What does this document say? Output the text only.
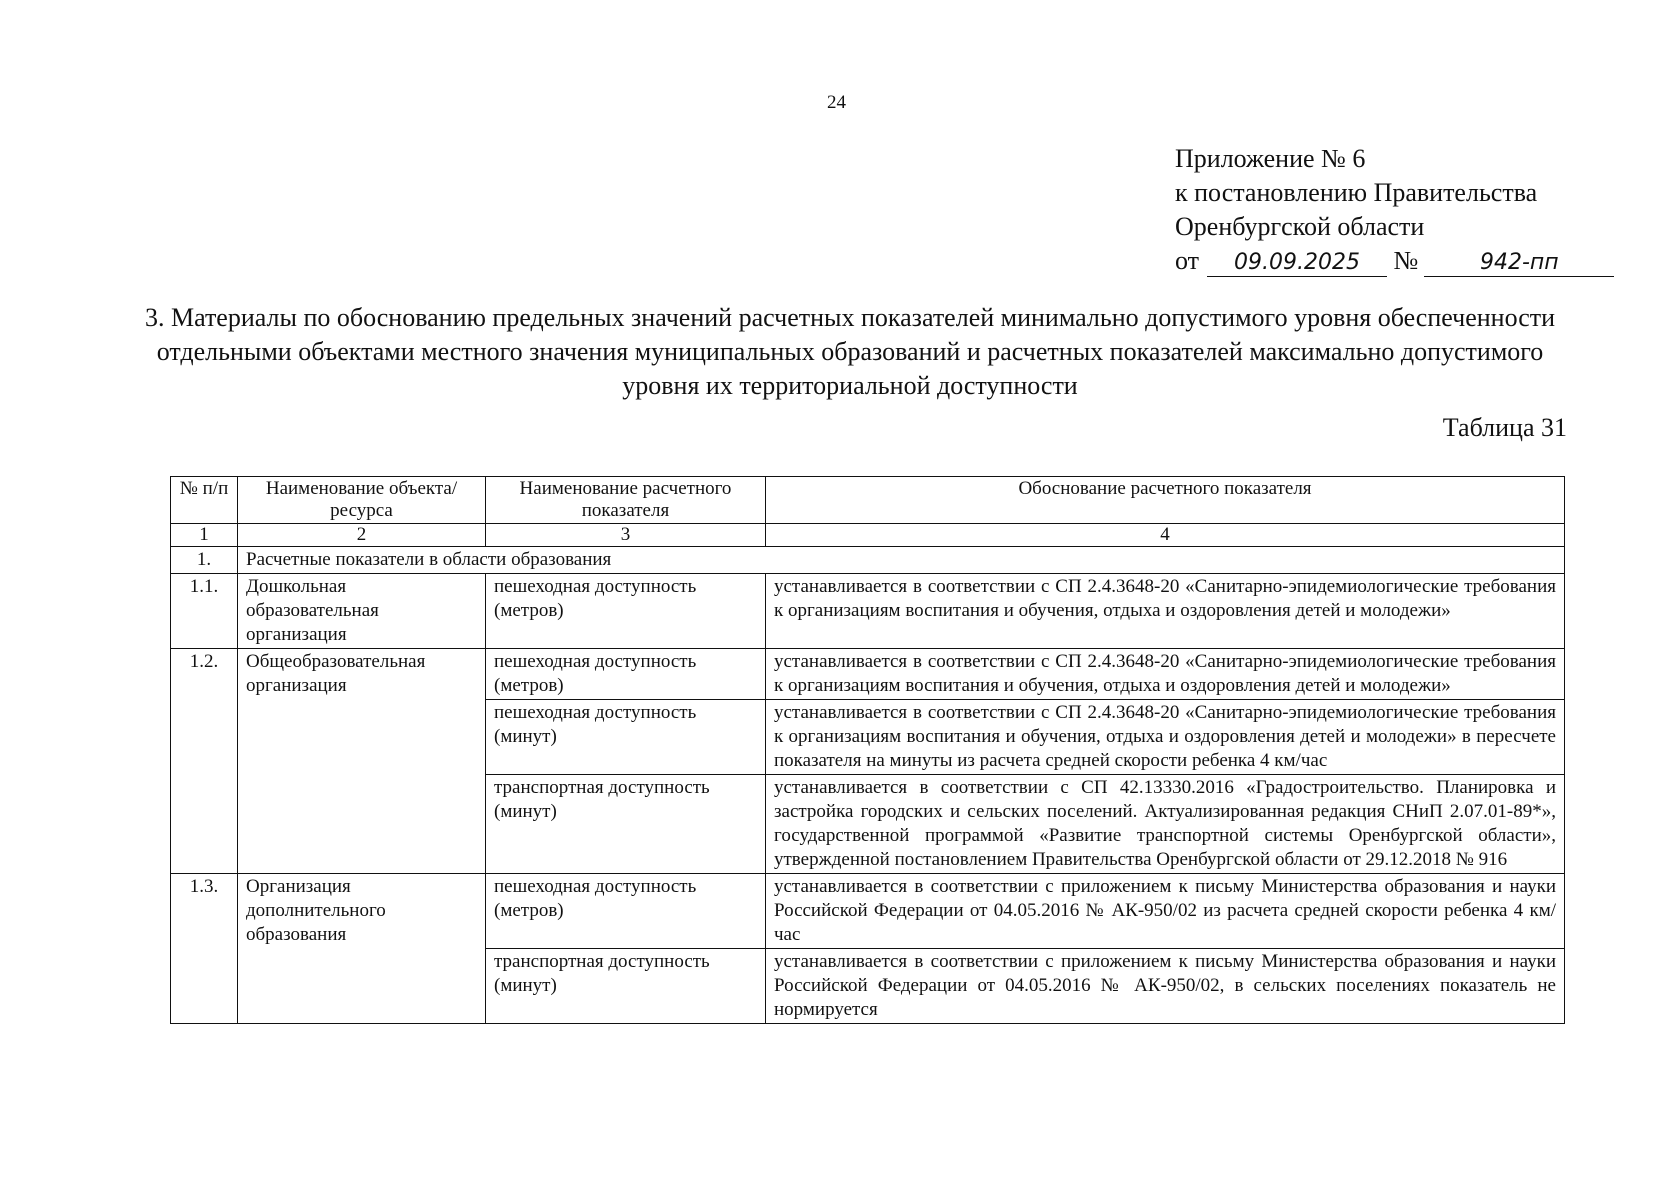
24
Приложение № 6
к постановлению Правительства
Оренбургской области
от 09.09.2025 №	942-пп
3. Материалы по обоснованию предельных значений расчетных показателей минимально допустимого уровня обеспеченности отдельными объектами местного значения муниципальных образований и расчетных показателей максимально допустимого уровня их территориальной доступности
Таблица 31
№ п/п	Наименование объекта/ресурса	Наименование расчетного показателя	Обоснование расчетного показателя
1	2	3	4
1.	Расчетные показатели в области образования		
1.1.	Дошкольная образовательная организация	пешеходная доступность (метров)	устанавливается в соответствии с СП 2.4.3648-20 «Санитарно-эпидемиологические требования к организациям воспитания и обучения, отдыха и оздоровления детей и молодежи»
1.2.	Общеобразовательная организация	пешеходная доступность (метров)	устанавливается в соответствии с СП 2.4.3648-20 «Санитарно-эпидемиологические требования к организациям воспитания и обучения, отдыха и оздоровления детей и молодежи»
		пешеходная доступность (минут)	устанавливается в соответствии с СП 2.4.3648-20 «Санитарно-эпидемиологические требования к организациям воспитания и обучения, отдыха и оздоровления детей и молодежи» в пересчете показателя на минуты из расчета средней скорости ребенка 4 км/час
		транспортная доступность (минут)	устанавливается в соответствии с СП 42.13330.2016 «Градостроительство. Планировка и застройка городских и сельских поселений. Актуализированная редакция СНиП 2.07.01-89*», государственной программой «Развитие транспортной системы Оренбургской области», утвержденной постановлением Правительства Оренбургской области от 29.12.2018 № 916
1.3.	Организация дополнительного образования	пешеходная доступность (метров)	устанавливается в соответствии с приложением к письму Министерства образования и науки Российской Федерации от 04.05.2016 № АК-950/02 из расчета средней скорости ребенка 4 км/час
		транспортная доступность (минут)	устанавливается в соответствии с приложением к письму Министерства образования и науки Российской Федерации от 04.05.2016 № АК-950/02, в сельских поселениях показатель не нормируется
